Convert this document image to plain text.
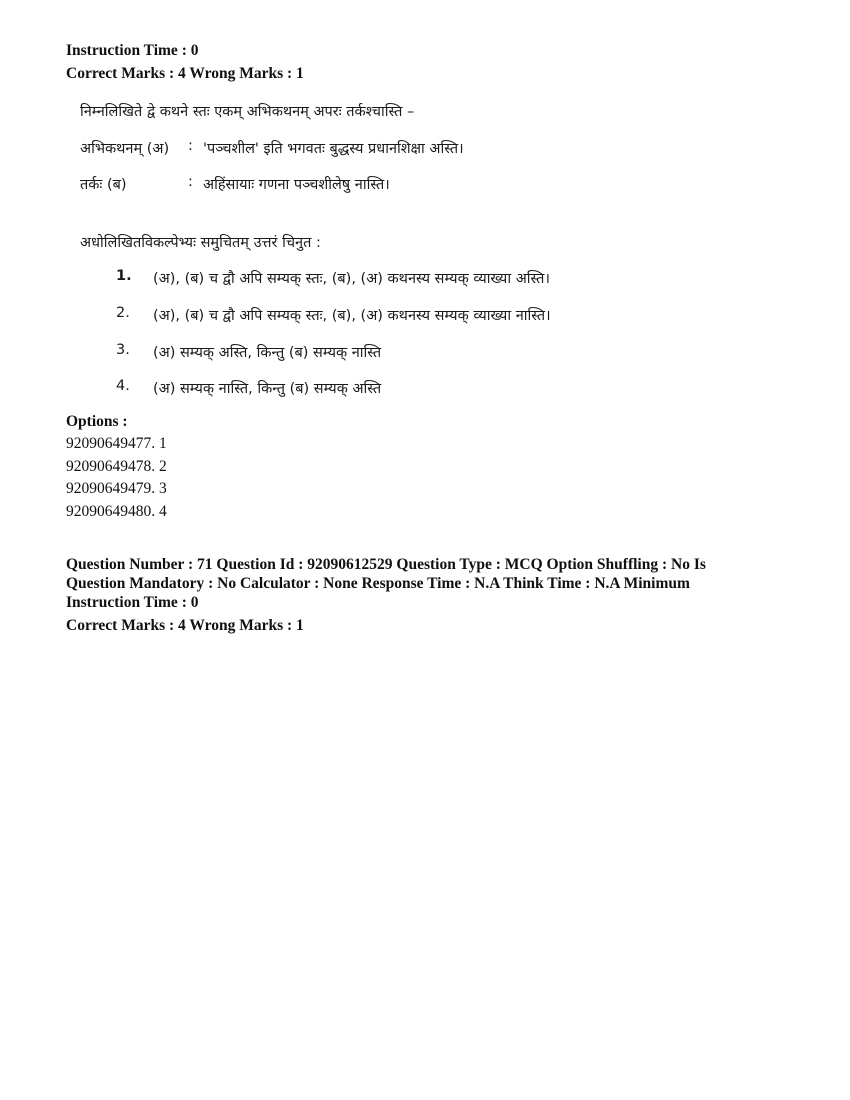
Instruction Time : 0
Correct Marks : 4 Wrong Marks : 1
निम्नलिखिते द्वे कथने स्तः एकम् अभिकथनम् अपरः तर्कश्चास्ति –
अभिकथनम् (अ) : 'पञ्चशील' इति भगवतः बुद्धस्य प्रधानशिक्षा अस्ति।
तर्कः (ब)	: अहिंसायाः गणना पञ्चशीलेषु नास्ति।
अधोलिखितविकल्पेभ्यः समुचितम् उत्तरं चिनुत :
1. (अ), (ब) च द्वौ अपि सम्यक् स्तः, (ब), (अ) कथनस्य सम्यक् व्याख्या अस्ति।
2. (अ), (ब) च द्वौ अपि सम्यक् स्तः, (ब), (अ) कथनस्य सम्यक् व्याख्या नास्ति।
3. (अ) सम्यक् अस्ति, किन्तु (ब) सम्यक् नास्ति
4. (अ) सम्यक् नास्ति, किन्तु (ब) सम्यक् अस्ति
Options :
92090649477. 1
92090649478. 2
92090649479. 3
92090649480. 4
Question Number : 71 Question Id : 92090612529 Question Type : MCQ Option Shuffling : No Is
Question Mandatory : No Calculator : None Response Time : N.A Think Time : N.A Minimum
Instruction Time : 0
Correct Marks : 4 Wrong Marks : 1
